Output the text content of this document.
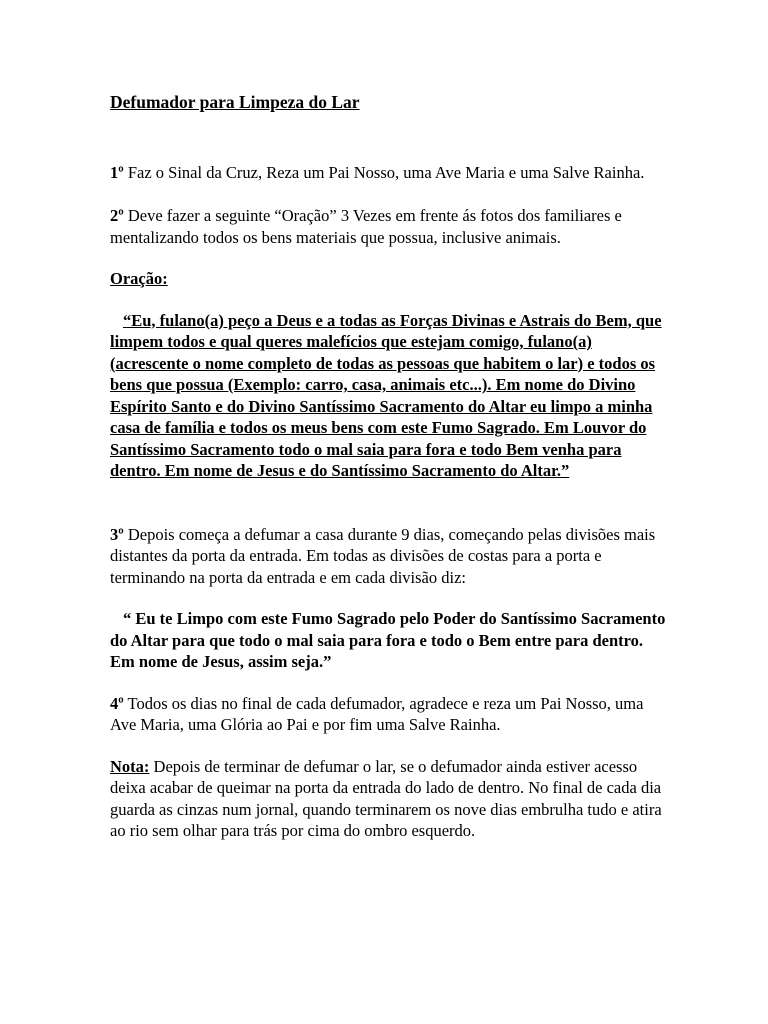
Defumador para Limpeza do Lar

1º Faz o Sinal da Cruz, Reza um Pai Nosso, uma Ave Maria e uma Salve Rainha.

2º Deve fazer a seguinte “Oração” 3 Vezes em frente ás fotos dos familiares e mentalizando todos os bens materiais que possua, inclusive animais.

Oração:

“Eu, fulano(a) peço a Deus e a todas as Forças Divinas e Astrais do Bem, que limpem todos e qual queres malefícios que estejam comigo, fulano(a) (acrescente o nome completo de todas as pessoas que habitem o lar) e todos os bens que possua (Exemplo: carro, casa, animais etc...). Em nome do Divino Espírito Santo e do Divino Santíssimo Sacramento do Altar eu limpo a minha casa de família e todos os meus bens com este Fumo Sagrado. Em Louvor do Santíssimo Sacramento todo o mal saia para fora e todo Bem venha para dentro. Em nome de Jesus e do Santíssimo Sacramento do Altar.”

3º Depois começa a defumar a casa durante 9 dias, começando pelas divisões mais distantes da porta da entrada. Em todas as divisões de costas para a porta e terminando na porta da entrada e em cada divisão diz:

“ Eu te Limpo com este Fumo Sagrado pelo Poder do Santíssimo Sacramento do Altar para que todo o mal saia para fora e todo o Bem entre para dentro. Em nome de Jesus, assim seja.”

4º Todos os dias no final de cada defumador, agradece e reza um Pai Nosso, uma Ave Maria, uma Glória ao Pai e por fim uma Salve Rainha.

Nota: Depois de terminar de defumar o lar, se o defumador ainda estiver acesso deixa acabar de queimar na porta da entrada do lado de dentro. No final de cada dia guarda as cinzas num jornal, quando terminarem os nove dias embrulha tudo e atira ao rio sem olhar para trás por cima do ombro esquerdo.
